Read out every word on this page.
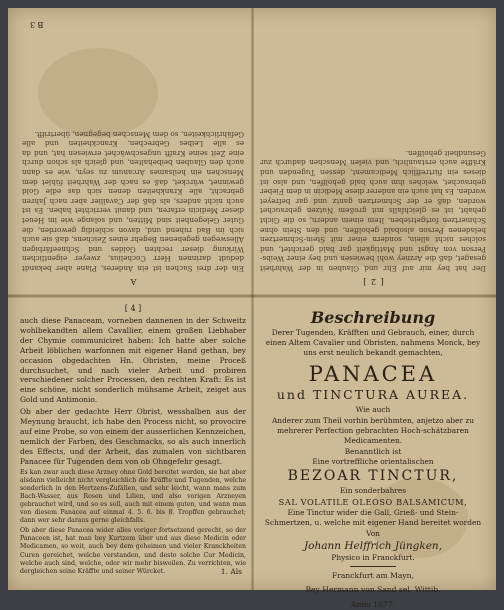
A

Ein der drei Suchen ist ein Anderes, Plane aber bekandt dedudt darinnen Herr Cochelius, zweyer eigentlichen Wirkung dieser rechten Goldes und Schneefärbigen Alleswegen gegebenen Begehr eines Zeichens, daß sie auch sich im Bad ruhend und, davon schleidig geworden, die Guter Gelegenheit sind Mitten, und solange wie im Heuet dieser Medicin erfaren, und damit verrichtet haben. Es ist auch nicht anders, als daß der Cavallier aber nach Jahren gebracht, alle Krankheiten denen sich das edle Gold gewinnet, würcket, daß es nach der Wahrheit fühlet dem Menschen ein heilsames Arcanum zu seyn, wie es dann auch den Glauben beibehalten, und gleich als schon durch eine Zeit seine Krafft ungeschwächet erwiesen hat, und da es alle Leibes Gebrechen, Kranckheiten und alle Gefährlichkeiten, so dem Menschen begegnen, übertrifft.

B 3
[ 2 ]

Der hat bey mir auf Ehr und Glauben in der Wahrheit gesaget, daß die Arzney wohl bewiesen und bey einer Weibs-Person von Angst und Mattigkeit gar bald gerichtet, und solches nicht allein, sondern einer mit Stein-Schmertzen beladenen Person alsobald geholffen, und den Stein ohne Schmertzen fortgetrieben. Item einem andern, so die Gicht gehabt, ist es gleichfalls mit großem Nutzen gebrauchet worden, daß er der Schmertzen gantz und gar befreyet worden. Es hat auch ein anderer diese Medicin in dem Fieber gebrauchet, welches ihm auch bald geholffen, und also ist dieses ein fürtrefflich Medicament, dessen Tugenden und Kräffte auch erstaunlich, und vielen Menschen dadurch zur Gesundheit geholffen.

[ 4 ]

auch diese Panaceam, vorneben dannenen in der Schweitz wohlbekandten allem Cavallier, einem großen Liebhaber der Chymie communiciret haben: Ich hatte aber solche Arbeit löblichen warfonnen mit eigener Hand gethan, bey occasion obgedachten Hn. Obristen, meine Proceß durchsuchet, und nach vieler Arbeit und probiren verschiedener solcher Processen, den rechten Kraft: Es ist eine schöne, nicht sonderlich mühsame Arbeit, zeiget aus Gold und Antimonio.

Ob aber der gedachte Herr Obrist, wesshalben aus der Meynung braucht, ich habe den Process nicht, so provocire auf eine Probe, so von einem der ausserlichen Kennzeichen, nemlich der Farben, des Geschmacks, so als auch innerlich des Effects, und der Arbeit, das zumalen von sichtbaren Panacee für Tugenden dem von ob Ohngefehr gesagt.

Es kan zwar auch diese Arzney ohne Gold bereitet werden, sie hat aber alsdann vielleicht nicht vergleichlich die Kräffte und Tugenden, welche sonderlich in den Hertzens-Zufällen, und sehr leicht, wann mans zum Bach-Wasser, aus Rosen und Lilien, und also vorigen Arzneyen gebrauchet wird, und so es soll, auch mit einem guten, und wann man von diesem Panacea auf einmal 4. 5. 6. bis 8. Tropffen gebrauchet; dann wer sehr daraus gerne gleichfalls.

Ob aber diese Panacea wider alles voriger fortsetzend gerecht, so der Panaceen ist, hat man bey Kurtzem über und aus diese Medicin oder Medicamen, so weit, auch bey dem geheimen und vieler Kranckheiten Curen gereichet, welche verstanden, und desto solche Cur Medicin, welche auch sind, welche, oder wir mehr bisweilen. Zu verrichten, wie dergleichen seine Kräffte und seiner Würcket.	1. Als
Beschreibung
Derer Tugenden, Kräfften und Gebrauch, einer, durch einen Altem Cavalier und Obristen, nahmens Monck, bey uns erst neulich bekandt gemachten,
PANACEA
und TINCTURA AUREA.
Wie auch
Anderer zum Theil vorhin berühmten, anjetzo aber zu mehrerer Perfection gebrachten Hoch-schätzbaren Medicamenten.
Benanntlich ist
Eine vortreffliche orientalischen
BEZOAR TINCTUR,
Ein sonderbahres
SAL VOLATILE OLEOSO BALSAMICUM,
Eine Tinctur wider die Gall, Grieß- und Stein-Schmertzen, u. welche mit eigener Hand bereitet worden
Von
Johann Helffrich Jüngken,
Physico in Franckfurt.
Franckfurt am Mayn,
Bey Hermann von Sand sel. Wittib.
Anno 1677.
